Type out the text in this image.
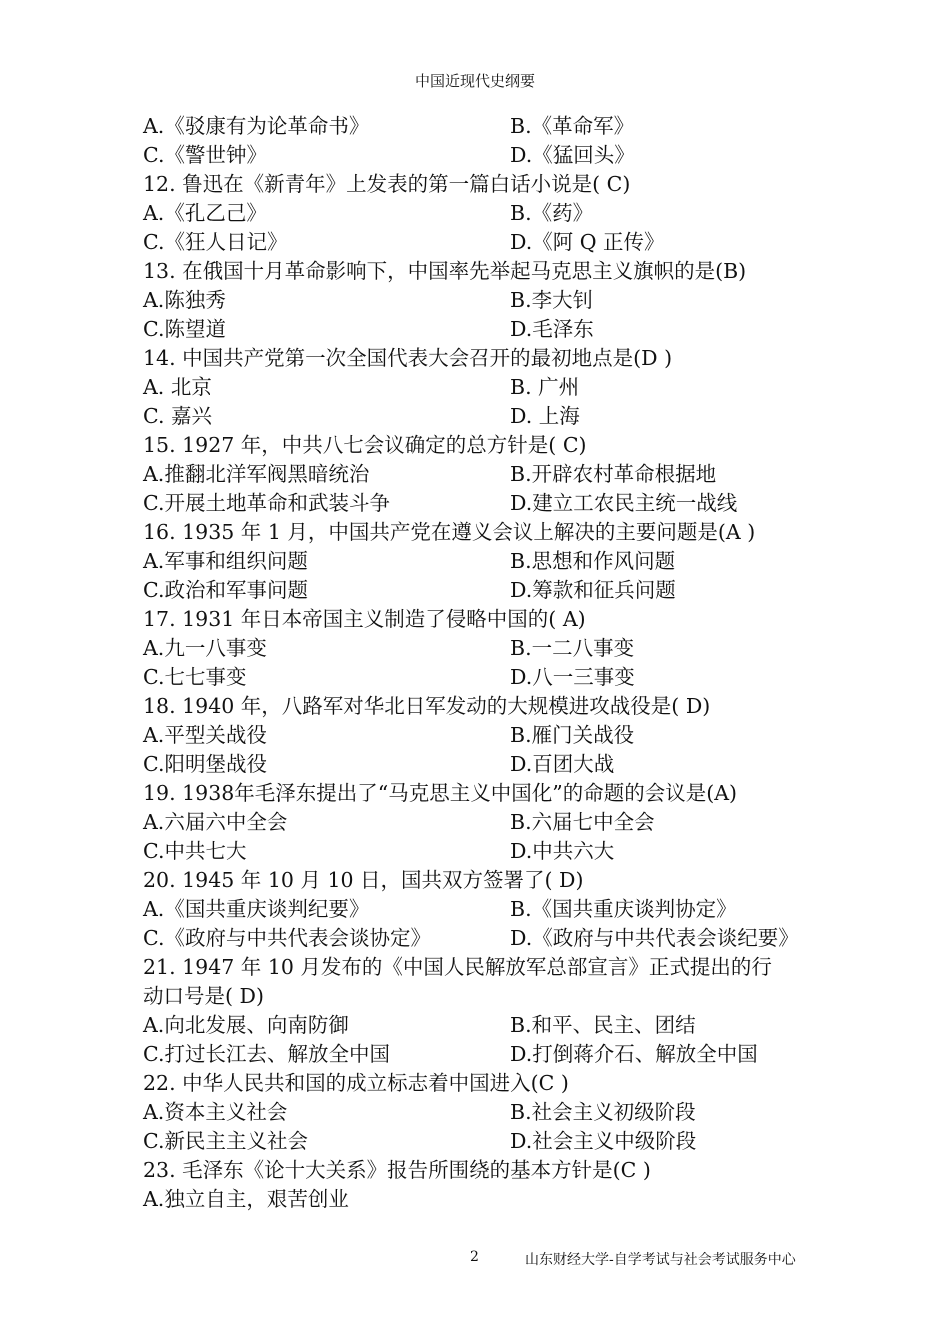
中国近现代史纲要
A.《驳康有为论革命书》	B.《革命军》
C.《警世钟》	D.《猛回头》
12. 鲁迅在《新青年》上发表的第一篇白话小说是( C)
A.《孔乙己》	B.《药》
C.《狂人日记》	D.《阿 Q 正传》
13. 在俄国十月革命影响下，中国率先举起马克思主义旗帜的是(B)
A.陈独秀	B.李大钊
C.陈望道	D.毛泽东
14. 中国共产党第一次全国代表大会召开的最初地点是(D )
A. 北京	B. 广州
C. 嘉兴	D. 上海
15. 1927 年，中共八七会议确定的总方针是( C)
A.推翻北洋军阀黑暗统治	B.开辟农村革命根据地
C.开展土地革命和武装斗争	D.建立工农民主统一战线
16. 1935 年 1 月，中国共产党在遵义会议上解决的主要问题是(A )
A.军事和组织问题	B.思想和作风问题
C.政治和军事问题	D.筹款和征兵问题
17. 1931 年日本帝国主义制造了侵略中国的( A)
A.九一八事变	B.一二八事变
C.七七事变	D.八一三事变
18. 1940 年，八路军对华北日军发动的大规模进攻战役是( D)
A.平型关战役	B.雁门关战役
C.阳明堡战役	D.百团大战
19. 1938年毛泽东提出了“马克思主义中国化”的命题的会议是(A)
A.六届六中全会	B.六届七中全会
C.中共七大	D.中共六大
20. 1945 年 10 月 10 日，国共双方签署了( D)
A.《国共重庆谈判纪要》	B.《国共重庆谈判协定》
C.《政府与中共代表会谈协定》	D.《政府与中共代表会谈纪要》
21. 1947 年 10 月发布的《中国人民解放军总部宣言》正式提出的行
动口号是( D)
A.向北发展、向南防御	B.和平、民主、团结
C.打过长江去、解放全中国	D.打倒蒋介石、解放全中国
22. 中华人民共和国的成立标志着中国进入(C )
A.资本主义社会	B.社会主义初级阶段
C.新民主主义社会	D.社会主义中级阶段
23. 毛泽东《论十大关系》报告所围绕的基本方针是(C )
A.独立自主，艰苦创业
2	山东财经大学-自学考试与社会考试服务中心
